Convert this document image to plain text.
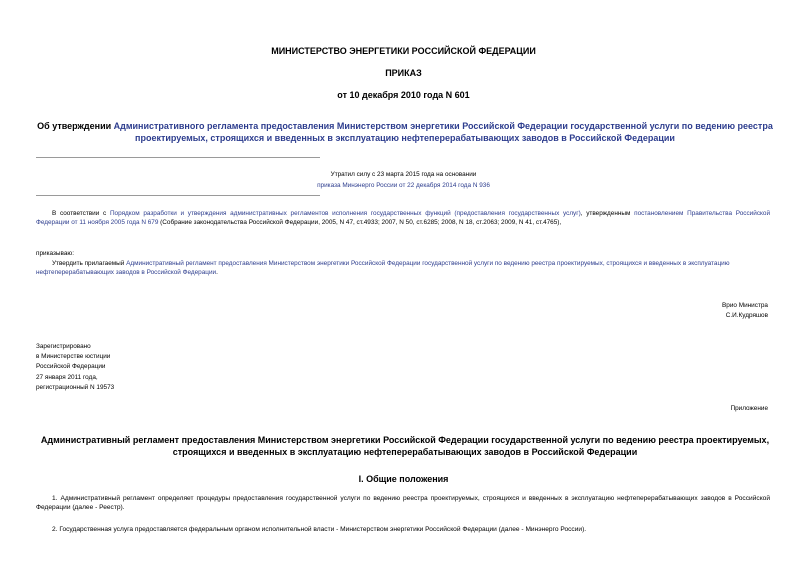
МИНИСТЕРСТВО ЭНЕРГЕТИКИ РОССИЙСКОЙ ФЕДЕРАЦИИ
ПРИКАЗ
от 10 декабря 2010 года N 601
Об утверждении Административного регламента предоставления Министерством энергетики Российской Федерации государственной услуги по ведению реестра проектируемых, строящихся и введенных в эксплуатацию нефтеперерабатывающих заводов в Российской Федерации
Утратил силу с 23 марта 2015 года на основании
приказа Минэнерго России от 22 декабря 2014 года N 936
В соответствии с Порядком разработки и утверждения административных регламентов исполнения государственных функций (предоставления государственных услуг), утвержденным постановлением Правительства Российской Федерации от 11 ноября 2005 года N 679 (Собрание законодательства Российской Федерации, 2005, N 47, ст.4933; 2007, N 50, ст.6285; 2008, N 18, ст.2063; 2009, N 41, ст.4765),
приказываю:
Утвердить прилагаемый Административный регламент предоставления Министерством энергетики Российской Федерации государственной услуги по ведению реестра проектируемых, строящихся и введенных в эксплуатацию нефтеперерабатывающих заводов в Российской Федерации.
Врио Министра
С.И.Кудряшов
Зарегистрировано
в Министерстве юстиции
Российской Федерации
27 января 2011 года,
регистрационный N 19573
Приложение
Административный регламент предоставления Министерством энергетики Российской Федерации государственной услуги по ведению реестра проектируемых, строящихся и введенных в эксплуатацию нефтеперерабатывающих заводов в Российской Федерации
I. Общие положения
1. Административный регламент определяет процедуры предоставления государственной услуги по ведению реестра проектируемых, строящихся и введенных в эксплуатацию нефтеперерабатывающих заводов в Российской Федерации (далее - Реестр).
2. Государственная услуга предоставляется федеральным органом исполнительной власти - Министерством энергетики Российской Федерации (далее - Минэнерго России).
